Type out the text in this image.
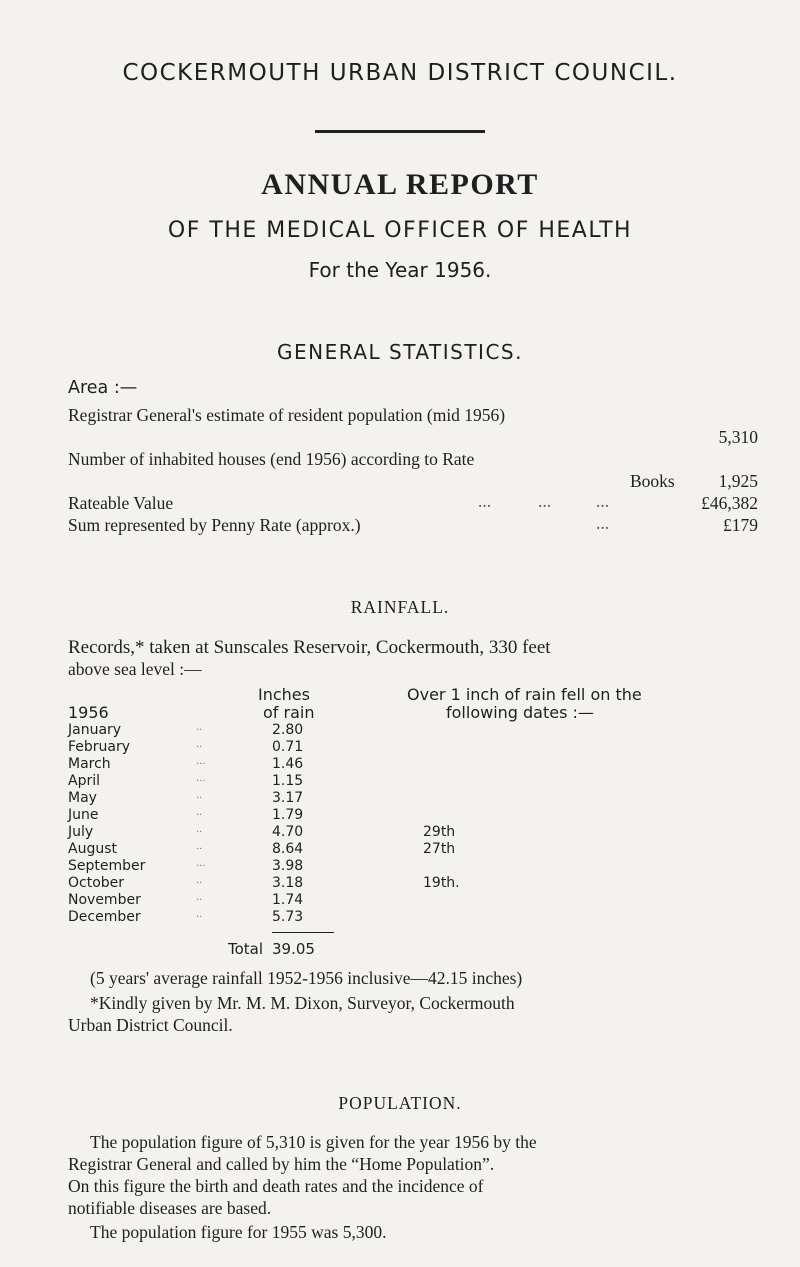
COCKERMOUTH URBAN DISTRICT COUNCIL.
ANNUAL REPORT
OF THE MEDICAL OFFICER OF HEALTH
For the Year 1956.
GENERAL STATISTICS.
Area :—
Registrar General's estimate of resident population (mid 1956)
5,310
Number of inhabited houses (end 1956) according to Rate
Books	1,925
Rateable Value	...	...	...	£46,382
Sum represented by Penny Rate (approx.)	...	£179
RAINFALL.
Records,* taken at Sunscales Reservoir, Cockermouth, 330 feet
above sea level :—
Inches
of rain
Over 1 inch of rain fell on the
following dates :—
1956
January	..	2.80
February	..	0.71
March	...	1.46
April	...	1.15
May	..	3.17
June	..	1.79
July	..	4.70	29th
August	..	8.64	27th
September	...	3.98
October	..	3.18	19th.
November	..	1.74
December	..	5.73
Total 39.05
(5 years' average rainfall 1952-1956 inclusive—42.15 inches)
*Kindly given by Mr. M. M. Dixon, Surveyor, Cockermouth
Urban District Council.
POPULATION.
The population figure of 5,310 is given for the year 1956 by the
Registrar General and called by him the “Home Population”.
On this figure the birth and death rates and the incidence of
notifiable diseases are based.
The population figure for 1955 was 5,300.
